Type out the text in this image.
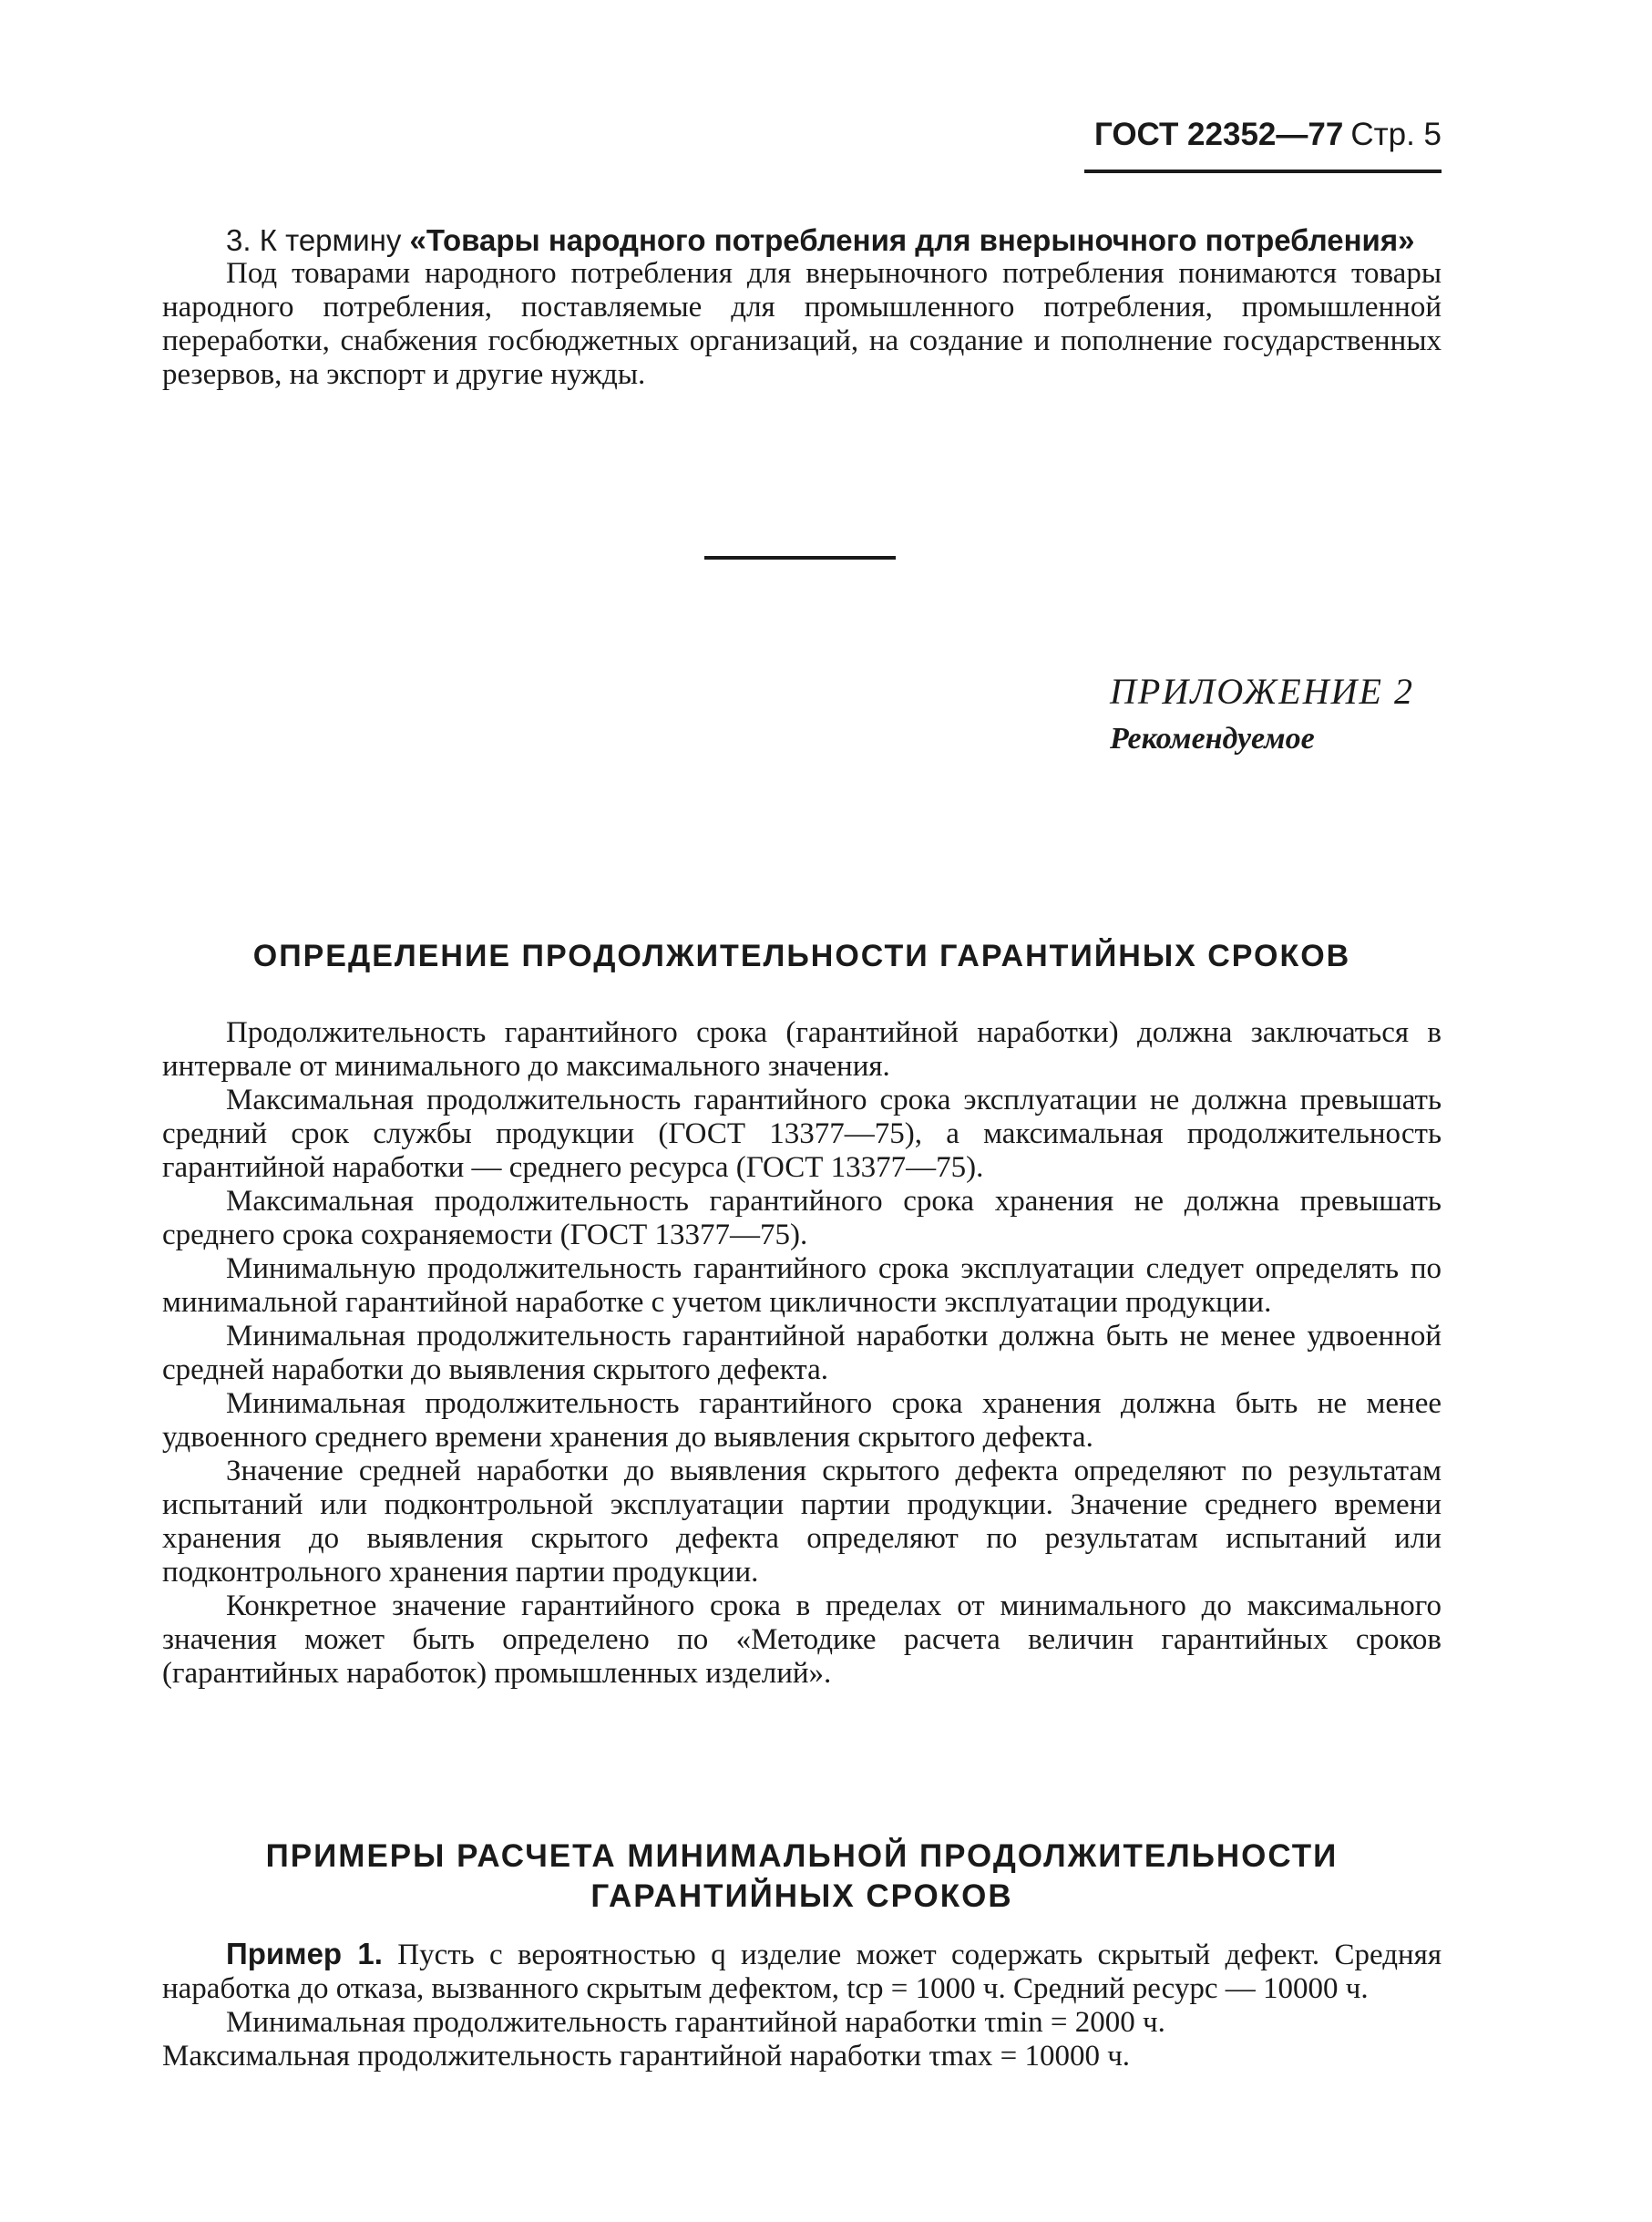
ГОСТ 22352—77 Стр. 5

3. К термину «Товары народного потребления для внерыночного потребления»

Под товарами народного потребления для внерыночного потребления понимаются товары народного потребления, поставляемые для промышленного потребления, промышленной переработки, снабжения госбюджетных организаций, на создание и пополнение государственных резервов, на экспорт и другие нужды.

ПРИЛОЖЕНИЕ 2
Рекомендуемое
ОПРЕДЕЛЕНИЕ ПРОДОЛЖИТЕЛЬНОСТИ ГАРАНТИЙНЫХ СРОКОВ

Продолжительность гарантийного срока (гарантийной наработки) должна заключаться в интервале от минимального до максимального значения.

Максимальная продолжительность гарантийного срока эксплуатации не должна превышать средний срок службы продукции (ГОСТ 13377—75), а максимальная продолжительность гарантийной наработки — среднего ресурса (ГОСТ 13377—75).

Максимальная продолжительность гарантийного срока хранения не должна превышать среднего срока сохраняемости (ГОСТ 13377—75).

Минимальную продолжительность гарантийного срока эксплуатации следует определять по минимальной гарантийной наработке с учетом цикличности эксплуатации продукции.

Минимальная продолжительность гарантийной наработки должна быть не менее удвоенной средней наработки до выявления скрытого дефекта.

Минимальная продолжительность гарантийного срока хранения должна быть не менее удвоенного среднего времени хранения до выявления скрытого дефекта.

Значение средней наработки до выявления скрытого дефекта определяют по результатам испытаний или подконтрольной эксплуатации партии продукции. Значение среднего времени хранения до выявления скрытого дефекта определяют по результатам испытаний или подконтрольного хранения партии продукции.

Конкретное значение гарантийного срока в пределах от минимального до максимального значения может быть определено по «Методике расчета величин гарантийных сроков (гарантийных наработок) промышленных изделий».

ПРИМЕРЫ РАСЧЕТА МИНИМАЛЬНОЙ ПРОДОЛЖИТЕЛЬНОСТИ
ГАРАНТИЙНЫХ СРОКОВ

Пример 1. Пусть с вероятностью q изделие может содержать скрытый дефект. Средняя наработка до отказа, вызванного скрытым дефектом, tср = 1000 ч. Средний ресурс — 10000 ч.

Минимальная продолжительность гарантийной наработки τmin = 2000 ч.

Максимальная продолжительность гарантийной наработки τmax = 10000 ч.
